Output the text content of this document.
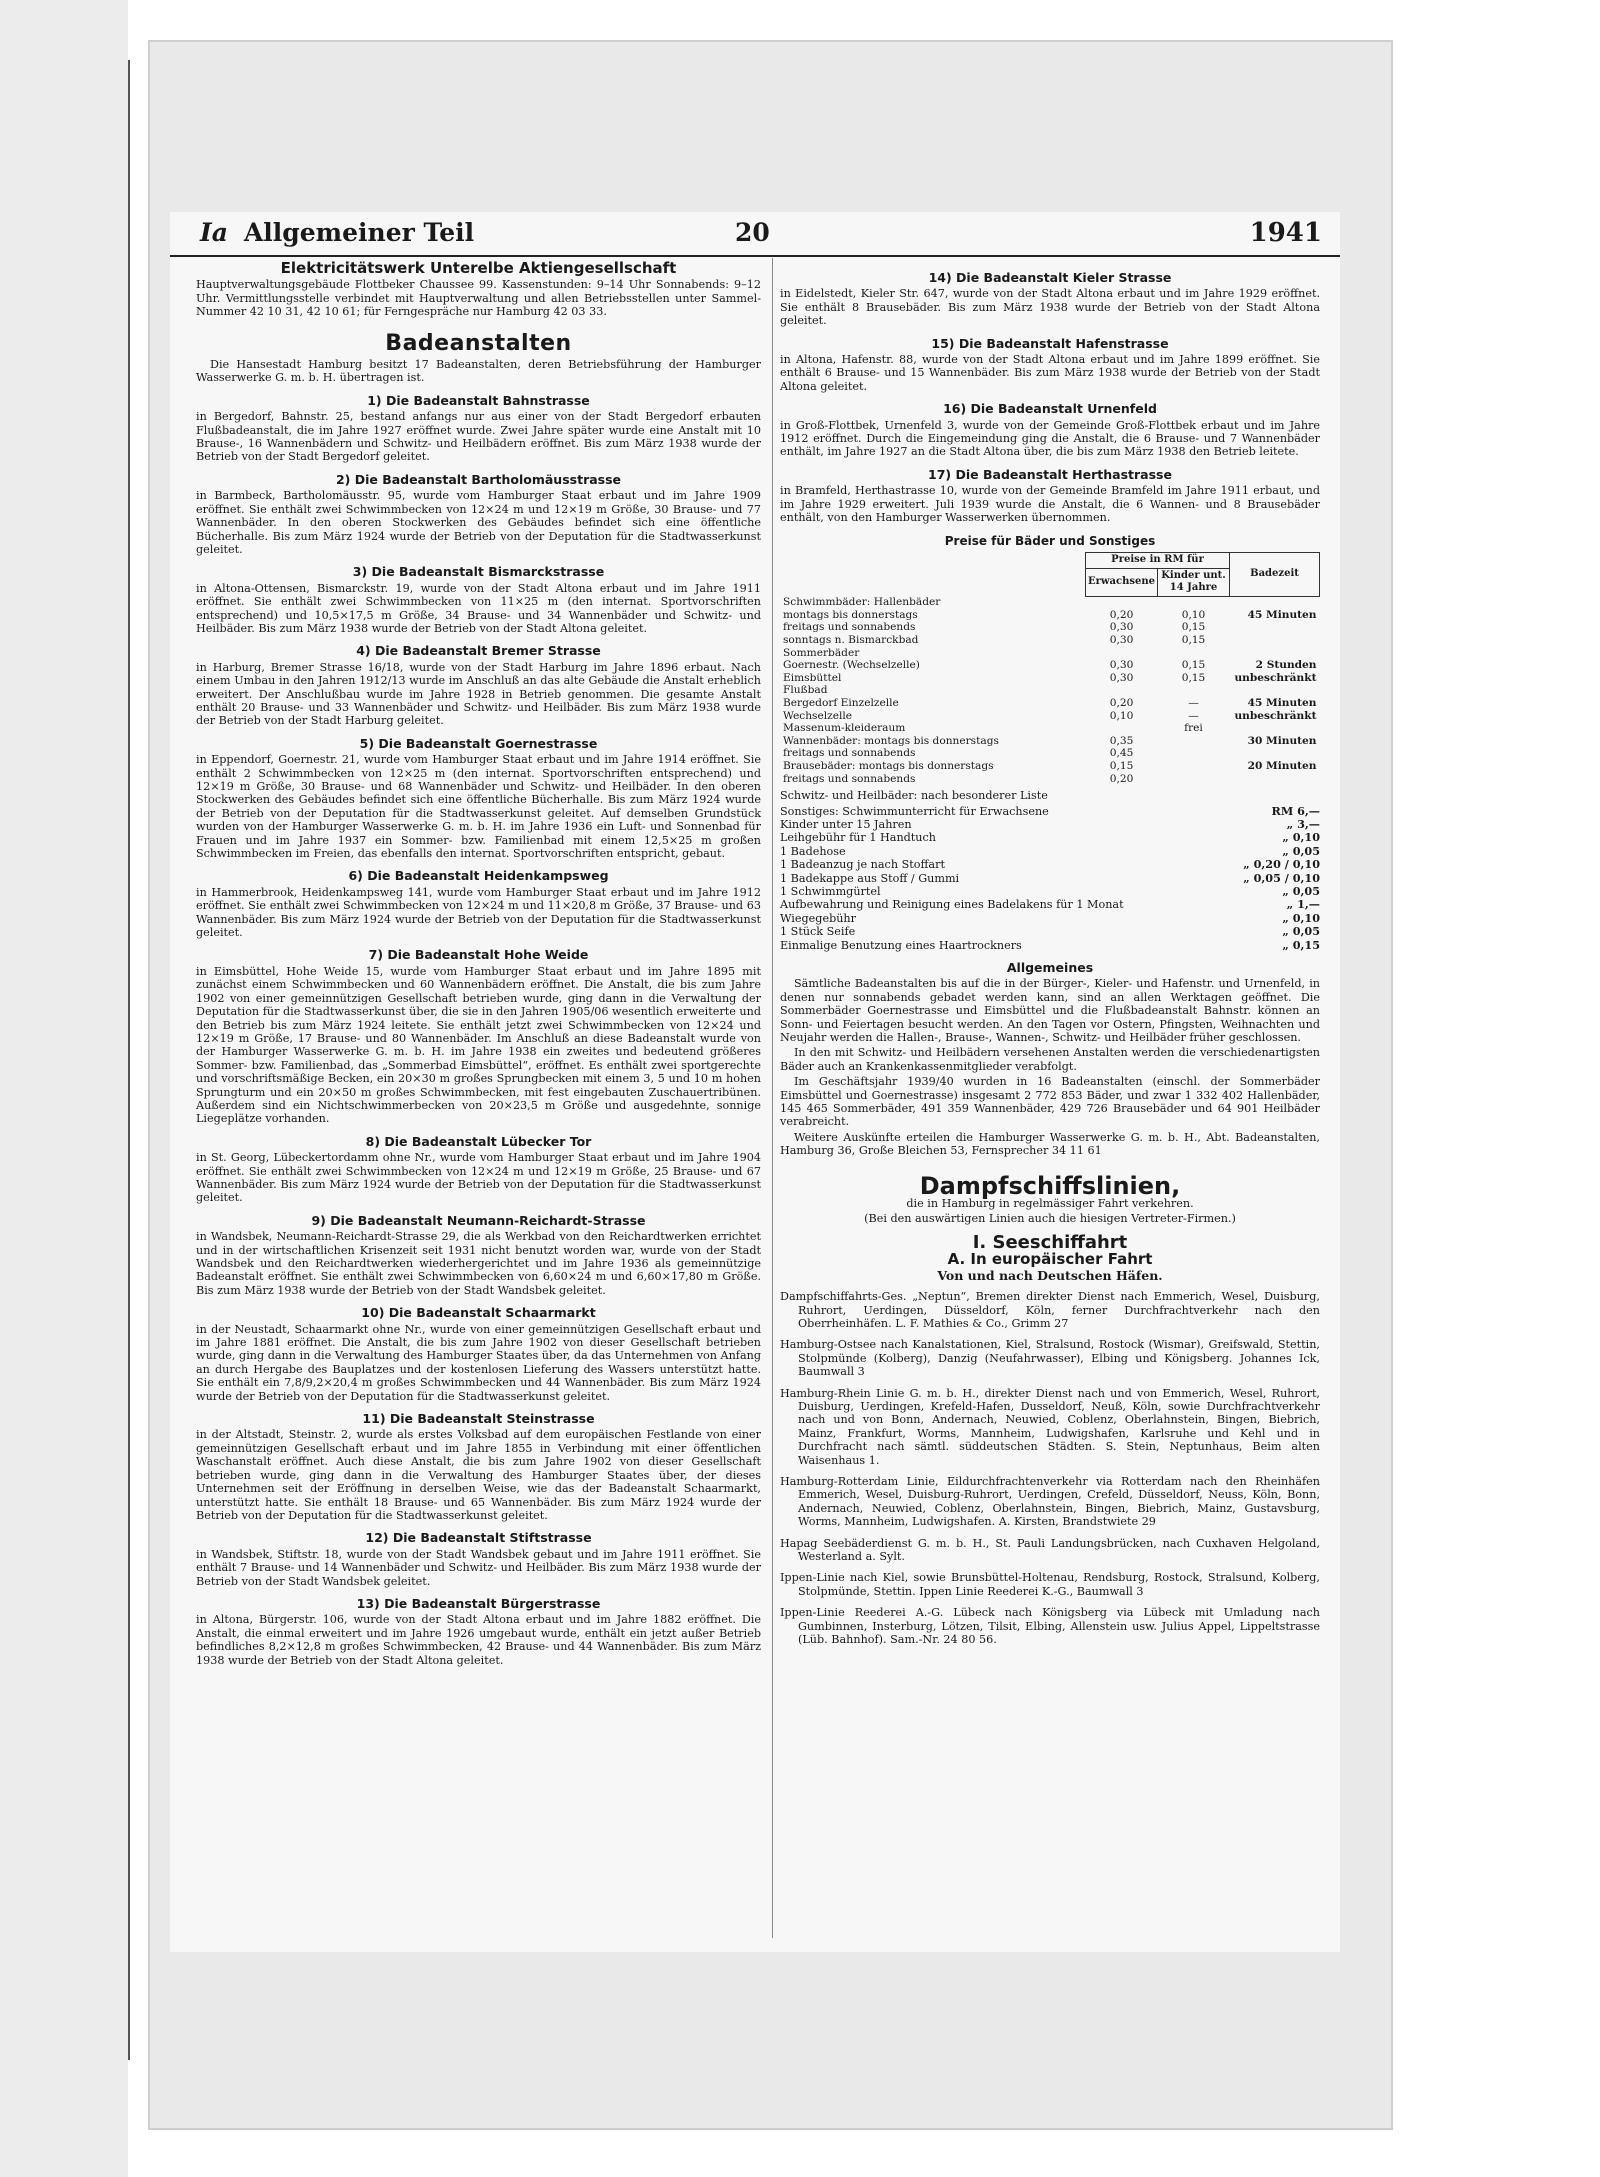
Ia Allgemeiner Teil	20	1941
Elektricitätswerk Unterelbe Aktiengesellschaft

Hauptverwaltungsgebäude Flottbeker Chaussee 99. Kassenstunden: 9–14 Uhr Sonnabends: 9–12 Uhr. Vermittlungsstelle verbindet mit Hauptverwaltung und allen Betriebsstellen unter Sammel-Nummer 42 10 31, 42 10 61; für Ferngespräche nur Hamburg 42 03 33.

Badeanstalten

Die Hansestadt Hamburg besitzt 17 Badeanstalten, deren Betriebsführung der Hamburger Wasserwerke G. m. b. H. übertragen ist.

1) Die Badeanstalt Bahnstrasse

in Bergedorf, Bahnstr. 25, bestand anfangs nur aus einer von der Stadt Bergedorf erbauten Flußbadeanstalt, die im Jahre 1927 eröffnet wurde. Zwei Jahre später wurde eine Anstalt mit 10 Brause-, 16 Wannenbädern und Schwitz- und Heilbädern eröffnet. Bis zum März 1938 wurde der Betrieb von der Stadt Bergedorf geleitet.

2) Die Badeanstalt Bartholomäusstrasse

in Barmbeck, Bartholomäusstr. 95, wurde vom Hamburger Staat erbaut und im Jahre 1909 eröffnet. Sie enthält zwei Schwimmbecken von 12×24 m und 12×19 m Größe, 30 Brause- und 77 Wannenbäder. In den oberen Stockwerken des Gebäudes befindet sich eine öffentliche Bücherhalle. Bis zum März 1924 wurde der Betrieb von der Deputation für die Stadtwasserkunst geleitet.

3) Die Badeanstalt Bismarckstrasse

in Altona-Ottensen, Bismarckstr. 19, wurde von der Stadt Altona erbaut und im Jahre 1911 eröffnet. Sie enthält zwei Schwimmbecken von 11×25 m (den internat. Sportvorschriften entsprechend) und 10,5×17,5 m Größe, 34 Brause- und 34 Wannenbäder und Schwitz- und Heilbäder. Bis zum März 1938 wurde der Betrieb von der Stadt Altona geleitet.

4) Die Badeanstalt Bremer Strasse

in Harburg, Bremer Strasse 16/18, wurde von der Stadt Harburg im Jahre 1896 erbaut. Nach einem Umbau in den Jahren 1912/13 wurde im Anschluß an das alte Gebäude die Anstalt erheblich erweitert. Der Anschlußbau wurde im Jahre 1928 in Betrieb genommen. Die gesamte Anstalt enthält 20 Brause- und 33 Wannenbäder und Schwitz- und Heilbäder. Bis zum März 1938 wurde der Betrieb von der Stadt Harburg geleitet.

5) Die Badeanstalt Goernestrasse

in Eppendorf, Goernestr. 21, wurde vom Hamburger Staat erbaut und im Jahre 1914 eröffnet. Sie enthält 2 Schwimmbecken von 12×25 m (den internat. Sportvorschriften entsprechend) und 12×19 m Größe, 30 Brause- und 68 Wannenbäder und Schwitz- und Heilbäder. In den oberen Stockwerken des Gebäudes befindet sich eine öffentliche Bücherhalle. Bis zum März 1924 wurde der Betrieb von der Deputation für die Stadtwasserkunst geleitet. Auf demselben Grundstück wurden von der Hamburger Wasserwerke G. m. b. H. im Jahre 1936 ein Luft- und Sonnenbad für Frauen und im Jahre 1937 ein Sommer- bzw. Familienbad mit einem 12,5×25 m großen Schwimmbecken im Freien, das ebenfalls den internat. Sportvorschriften entspricht, gebaut.

6) Die Badeanstalt Heidenkampsweg

in Hammerbrook, Heidenkampsweg 141, wurde vom Hamburger Staat erbaut und im Jahre 1912 eröffnet. Sie enthält zwei Schwimmbecken von 12×24 m und 11×20,8 m Größe, 37 Brause- und 63 Wannenbäder. Bis zum März 1924 wurde der Betrieb von der Deputation für die Stadtwasserkunst geleitet.

7) Die Badeanstalt Hohe Weide

in Eimsbüttel, Hohe Weide 15, wurde vom Hamburger Staat erbaut und im Jahre 1895 mit zunächst einem Schwimmbecken und 60 Wannenbädern eröffnet. Die Anstalt, die bis zum Jahre 1902 von einer gemeinnützigen Gesellschaft betrieben wurde, ging dann in die Verwaltung der Deputation für die Stadtwasserkunst über, die sie in den Jahren 1905/06 wesentlich erweiterte und den Betrieb bis zum März 1924 leitete. Sie enthält jetzt zwei Schwimmbecken von 12×24 und 12×19 m Größe, 17 Brause- und 80 Wannenbäder. Im Anschluß an diese Badeanstalt wurde von der Hamburger Wasserwerke G. m. b. H. im Jahre 1938 ein zweites und bedeutend größeres Sommer- bzw. Familienbad, das „Sommerbad Eimsbüttel“, eröffnet. Es enthält zwei sportgerechte und vorschriftsmäßige Becken, ein 20×30 m großes Sprungbecken mit einem 3, 5 und 10 m hohen Sprungturm und ein 20×50 m großes Schwimmbecken, mit fest eingebauten Zuschauertribünen. Außerdem sind ein Nichtschwimmerbecken von 20×23,5 m Größe und ausgedehnte, sonnige Liegeplätze vorhanden.

8) Die Badeanstalt Lübecker Tor

in St. Georg, Lübeckertordamm ohne Nr., wurde vom Hamburger Staat erbaut und im Jahre 1904 eröffnet. Sie enthält zwei Schwimmbecken von 12×24 m und 12×19 m Größe, 25 Brause- und 67 Wannenbäder. Bis zum März 1924 wurde der Betrieb von der Deputation für die Stadtwasserkunst geleitet.

9) Die Badeanstalt Neumann-Reichardt-Strasse

in Wandsbek, Neumann-Reichardt-Strasse 29, die als Werkbad von den Reichardtwerken errichtet und in der wirtschaftlichen Krisenzeit seit 1931 nicht benutzt worden war, wurde von der Stadt Wandsbek und den Reichardtwerken wiederhergerichtet und im Jahre 1936 als gemeinnützige Badeanstalt eröffnet. Sie enthält zwei Schwimmbecken von 6,60×24 m und 6,60×17,80 m Größe. Bis zum März 1938 wurde der Betrieb von der Stadt Wandsbek geleitet.

10) Die Badeanstalt Schaarmarkt

in der Neustadt, Schaarmarkt ohne Nr., wurde von einer gemeinnützigen Gesellschaft erbaut und im Jahre 1881 eröffnet. Die Anstalt, die bis zum Jahre 1902 von dieser Gesellschaft betrieben wurde, ging dann in die Verwaltung des Hamburger Staates über, da das Unternehmen von Anfang an durch Hergabe des Bauplatzes und der kostenlosen Lieferung des Wassers unterstützt hatte. Sie enthält ein 7,8/9,2×20,4 m großes Schwimmbecken und 44 Wannenbäder. Bis zum März 1924 wurde der Betrieb von der Deputation für die Stadtwasserkunst geleitet.

11) Die Badeanstalt Steinstrasse

in der Altstadt, Steinstr. 2, wurde als erstes Volksbad auf dem europäischen Festlande von einer gemeinnützigen Gesellschaft erbaut und im Jahre 1855 in Verbindung mit einer öffentlichen Waschanstalt eröffnet. Auch diese Anstalt, die bis zum Jahre 1902 von dieser Gesellschaft betrieben wurde, ging dann in die Verwaltung des Hamburger Staates über, der dieses Unternehmen seit der Eröffnung in derselben Weise, wie das der Badeanstalt Schaarmarkt, unterstützt hatte. Sie enthält 18 Brause- und 65 Wannenbäder. Bis zum März 1924 wurde der Betrieb von der Deputation für die Stadtwasserkunst geleitet.

12) Die Badeanstalt Stiftstrasse

in Wandsbek, Stiftstr. 18, wurde von der Stadt Wandsbek gebaut und im Jahre 1911 eröffnet. Sie enthält 7 Brause- und 14 Wannenbäder und Schwitz- und Heilbäder. Bis zum März 1938 wurde der Betrieb von der Stadt Wandsbek geleitet.

13) Die Badeanstalt Bürgerstrasse

in Altona, Bürgerstr. 106, wurde von der Stadt Altona erbaut und im Jahre 1882 eröffnet. Die Anstalt, die einmal erweitert und im Jahre 1926 umgebaut wurde, enthält ein jetzt außer Betrieb befindliches 8,2×12,8 m großes Schwimmbecken, 42 Brause- und 44 Wannenbäder. Bis zum März 1938 wurde der Betrieb von der Stadt Altona geleitet.

14) Die Badeanstalt Kieler Strasse

in Eidelstedt, Kieler Str. 647, wurde von der Stadt Altona erbaut und im Jahre 1929 eröffnet. Sie enthält 8 Brausebäder. Bis zum März 1938 wurde der Betrieb von der Stadt Altona geleitet.

15) Die Badeanstalt Hafenstrasse

in Altona, Hafenstr. 88, wurde von der Stadt Altona erbaut und im Jahre 1899 eröffnet. Sie enthält 6 Brause- und 15 Wannenbäder. Bis zum März 1938 wurde der Betrieb von der Stadt Altona geleitet.

16) Die Badeanstalt Urnenfeld

in Groß-Flottbek, Urnenfeld 3, wurde von der Gemeinde Groß-Flottbek erbaut und im Jahre 1912 eröffnet. Durch die Eingemeindung ging die Anstalt, die 6 Brause- und 7 Wannenbäder enthält, im Jahre 1927 an die Stadt Altona über, die bis zum März 1938 den Betrieb leitete.

17) Die Badeanstalt Herthastrasse

in Bramfeld, Herthastrasse 10, wurde von der Gemeinde Bramfeld im Jahre 1911 erbaut, und im Jahre 1929 erweitert. Juli 1939 wurde die Anstalt, die 6 Wannen- und 8 Brausebäder enthält, von den Hamburger Wasserwerken übernommen.

Preise für Bäder und Sonstiges
	Preise in RM für		Badezeit
	Erwachsene	Kinder unt. 14 Jahre	
Schwimmbäder: Hallenbäder			
montags bis donnerstags	0,20	0,10	45 Minuten
freitags und sonnabends	0,30	0,15	
sonntags n. Bismarckbad	0,30	0,15	
Sommerbäder			
Goernestr. (Wechselzelle)	0,30	0,15	2 Stunden
Eimsbüttel	0,30	0,15	unbeschränkt
Flußbad			
Bergedorf Einzelzelle	0,20	—	45 Minuten
Wechselzelle	0,10	—	unbeschränkt
Massenum-kleideraum		frei	
Wannenbäder: montags bis donnerstags	0,35		30 Minuten
freitags und sonnabends	0,45		
Brausebäder: montags bis donnerstags	0,15		20 Minuten
freitags und sonnabends	0,20		

Schwitz- und Heilbäder: nach besonderer Liste

Sonstiges: Schwimmunterricht für Erwachsene	RM 6,—

Kinder unter 15 Jahren	„ 3,—

Leihgebühr für 1 Handtuch	„ 0,10

1 Badehose	„ 0,05

1 Badeanzug je nach Stoffart	„ 0,20 / 0,10

1 Badekappe aus Stoff / Gummi	„ 0,05 / 0,10

1 Schwimmgürtel	„ 0,05

Aufbewahrung und Reinigung eines Badelakens für 1 Monat	„ 1,—

Wiegegebühr	„ 0,10

1 Stück Seife	„ 0,05

Einmalige Benutzung eines Haartrockners	„ 0,15

Allgemeines

Sämtliche Badeanstalten bis auf die in der Bürger-, Kieler- und Hafenstr. und Urnenfeld, in denen nur sonnabends gebadet werden kann, sind an allen Werktagen geöffnet. Die Sommerbäder Goernestrasse und Eimsbüttel und die Flußbadeanstalt Bahnstr. können an Sonn- und Feiertagen besucht werden. An den Tagen vor Ostern, Pfingsten, Weihnachten und Neujahr werden die Hallen-, Brause-, Wannen-, Schwitz- und Heilbäder früher geschlossen.

In den mit Schwitz- und Heilbädern versehenen Anstalten werden die verschiedenartigsten Bäder auch an Krankenkassenmitglieder verabfolgt.

Im Geschäftsjahr 1939/40 wurden in 16 Badeanstalten (einschl. der Sommerbäder Eimsbüttel und Goernestrasse) insgesamt 2 772 853 Bäder, und zwar 1 332 402 Hallenbäder, 145 465 Sommerbäder, 491 359 Wannenbäder, 429 726 Brausebäder und 64 901 Heilbäder verabreicht.

Weitere Auskünfte erteilen die Hamburger Wasserwerke G. m. b. H., Abt. Badeanstalten, Hamburg 36, Große Bleichen 53, Fernsprecher 34 11 61

Dampfschiffslinien,

die in Hamburg in regelmässiger Fahrt verkehren.

(Bei den auswärtigen Linien auch die hiesigen Vertreter-Firmen.)

I. Seeschiffahrt
A. In europäischer Fahrt
Von und nach Deutschen Häfen.

Dampfschiffahrts-Ges. „Neptun“, Bremen direkter Dienst nach Emmerich, Wesel, Duisburg, Ruhrort, Uerdingen, Düsseldorf, Köln, ferner Durchfrachtverkehr nach den Oberrheinhäfen. L. F. Mathies & Co., Grimm 27

Hamburg-Ostsee nach Kanalstationen, Kiel, Stralsund, Rostock (Wismar), Greifswald, Stettin, Stolpmünde (Kolberg), Danzig (Neufahrwasser), Elbing und Königsberg. Johannes Ick, Baumwall 3

Hamburg-Rhein Linie G. m. b. H., direkter Dienst nach und von Emmerich, Wesel, Ruhrort, Duisburg, Uerdingen, Krefeld-Hafen, Dusseldorf, Neuß, Köln, sowie Durchfrachtverkehr nach und von Bonn, Andernach, Neuwied, Coblenz, Oberlahnstein, Bingen, Biebrich, Mainz, Frankfurt, Worms, Mannheim, Ludwigshafen, Karlsruhe und Kehl und in Durchfracht nach sämtl. süddeutschen Städten. S. Stein, Neptunhaus, Beim alten Waisenhaus 1.

Hamburg-Rotterdam Linie, Eildurchfrachtenverkehr via Rotterdam nach den Rheinhäfen Emmerich, Wesel, Duisburg-Ruhrort, Uerdingen, Crefeld, Düsseldorf, Neuss, Köln, Bonn, Andernach, Neuwied, Coblenz, Oberlahnstein, Bingen, Biebrich, Mainz, Gustavsburg, Worms, Mannheim, Ludwigshafen. A. Kirsten, Brandstwiete 29

Hapag Seebäderdienst G. m. b. H., St. Pauli Landungsbrücken, nach Cuxhaven Helgoland, Westerland a. Sylt.

Ippen-Linie nach Kiel, sowie Brunsbüttel-Holtenau, Rendsburg, Rostock, Stralsund, Kolberg, Stolpmünde, Stettin. Ippen Linie Reederei K.-G., Baumwall 3

Ippen-Linie Reederei A.-G. Lübeck nach Königsberg via Lübeck mit Umladung nach Gumbinnen, Insterburg, Lötzen, Tilsit, Elbing, Allenstein usw. Julius Appel, Lippeltstrasse (Lüb. Bahnhof). Sam.-Nr. 24 80 56.
